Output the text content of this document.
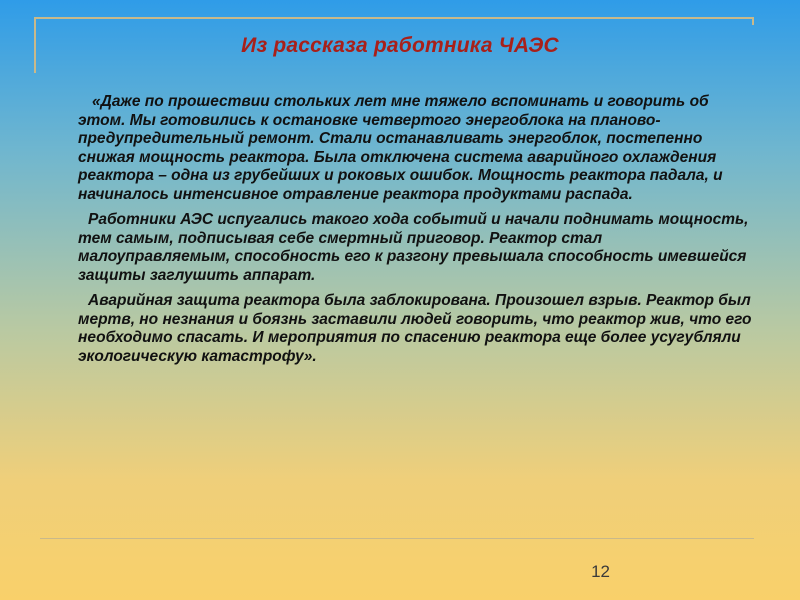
Из рассказа работника ЧАЭС

«Даже по прошествии стольких лет мне тяжело вспоминать и говорить об этом. Мы готовились к остановке четвертого энергоблока на планово-предупредительный ремонт. Стали останавливать энергоблок, постепенно снижая мощность реактора. Была отключена система аварийного охлаждения реактора – одна из грубейших и роковых ошибок. Мощность реактора падала, и начиналось интенсивное отравление реактора продуктами распада.

Работники АЭС испугались такого хода событий и начали поднимать мощность, тем самым, подписывая себе смертный приговор. Реактор стал малоуправляемым, способность его к разгону превышала способность имевшейся защиты заглушить аппарат.

Аварийная защита реактора была заблокирована. Произошел взрыв. Реактор был мертв, но незнания и боязнь заставили людей говорить, что реактор жив, что его необходимо спасать. И мероприятия по спасению реактора еще более усугубляли экологическую катастрофу».

12
